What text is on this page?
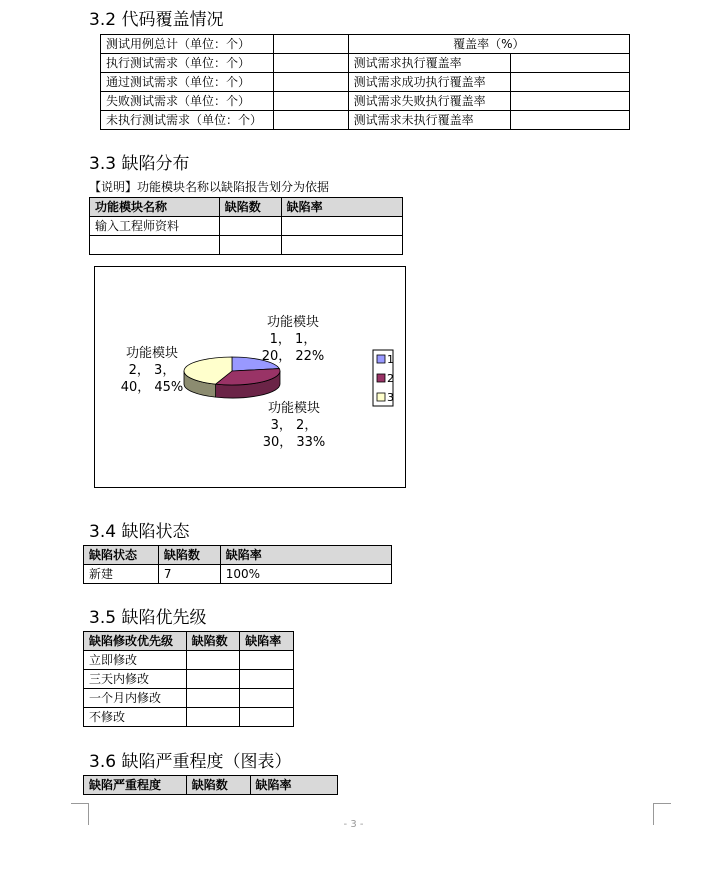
3.2 代码覆盖情况
测试用例总计（单位：个）		覆盖率（%）	
执行测试需求（单位：个）		测试需求执行覆盖率	
通过测试需求（单位：个）		测试需求成功执行覆盖率	
失败测试需求（单位：个）		测试需求失败执行覆盖率	
未执行测试需求（单位：个）		测试需求未执行覆盖率	
3.3 缺陷分布
【说明】功能模块名称以缺陷报告划分为依据
功能模块名称	缺陷数	缺陷率
输入工程师资料		

功能模块
1， 1，
20， 22%
功能模块
2， 3，
40， 45%
功能模块
3， 2，
30， 33%
1
2
3
3.4 缺陷状态
缺陷状态	缺陷数	缺陷率
新建	7	100%
3.5 缺陷优先级
缺陷修改优先级	缺陷数	缺陷率
立即修改		
三天内修改		
一个月内修改		
不修改		
3.6 缺陷严重程度（图表）
缺陷严重程度	缺陷数	缺陷率
- 3 -
